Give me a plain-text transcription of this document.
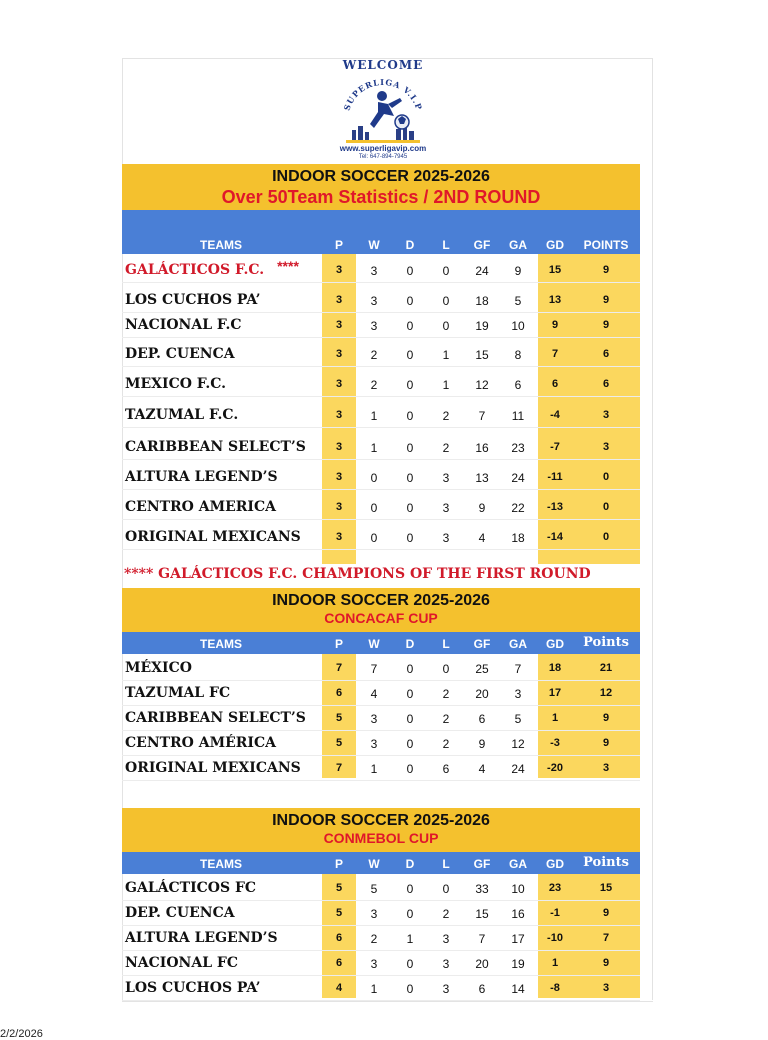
WELCOME
SUPERLIGA V.I.P
www.superligavip.com
Tel: 647-894-7945
INDOOR SOCCER 2025-2026
Over 50Team Statistics / 2ND ROUND
TEAMS	P	W	D	L	GF	GA	GD	POINTS
GALÁCTICOS F.C. ****	3	3	0	0	24	9	15	9
LOS CUCHOS PA’	3	3	0	0	18	5	13	9
NACIONAL F.C	3	3	0	0	19	10	9	9
DEP. CUENCA	3	2	0	1	15	8	7	6
MEXICO F.C.	3	2	0	1	12	6	6	6
TAZUMAL F.C.	3	1	0	2	7	11	-4	3
CARIBBEAN SELECT’S	3	1	0	2	16	23	-7	3
ALTURA LEGEND’S	3	0	0	3	13	24	-11	0
CENTRO AMERICA	3	0	0	3	9	22	-13	0
ORIGINAL MEXICANS	3	0	0	3	4	18	-14	0
**** GALÁCTICOS F.C. CHAMPIONS OF THE FIRST ROUND
INDOOR SOCCER 2025-2026
CONCACAF CUP
TEAMS	P	W	D	L	GF	GA	GD	Points
MÉXICO	7	7	0	0	25	7	18	21
TAZUMAL FC	6	4	0	2	20	3	17	12
CARIBBEAN SELECT’S	5	3	0	2	6	5	1	9
CENTRO AMÉRICA	5	3	0	2	9	12	-3	9
ORIGINAL MEXICANS	7	1	0	6	4	24	-20	3
INDOOR SOCCER 2025-2026
CONMEBOL CUP
TEAMS	P	W	D	L	GF	GA	GD	Points
GALÁCTICOS FC	5	5	0	0	33	10	23	15
DEP. CUENCA	5	3	0	2	15	16	-1	9
ALTURA LEGEND’S	6	2	1	3	7	17	-10	7
NACIONAL FC	6	3	0	3	20	19	1	9
LOS CUCHOS PA’	4	1	0	3	6	14	-8	3
2/2/2026
